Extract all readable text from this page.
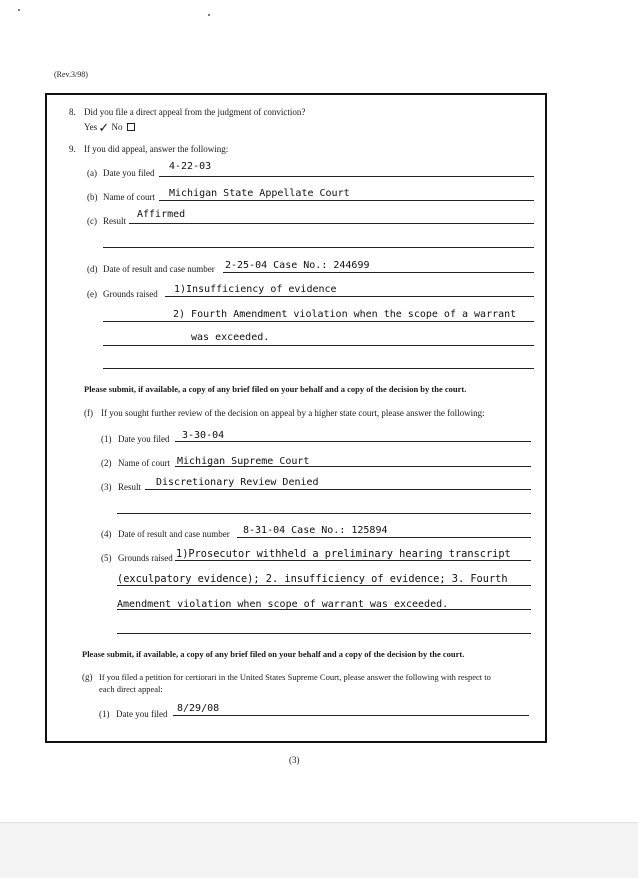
(Rev.3/98)
8. Did you file a direct appeal from the judgment of conviction?
Yes ✓ No
9. If you did appeal, answer the following:
(a) Date you filed
4-22-03
(b) Name of court Michigan State Appellate Court
(c) Result
Affirmed
(d) Date of result and case number 2-25-04 Case No.: 244699
(e) Grounds raised 1)Insufficiency of evidence
2) Fourth Amendment violation when the scope of a warrant
was exceeded.
Please submit, if available, a copy of any brief filed on your behalf and a copy of the decision by the court.
(f) If you sought further review of the decision on appeal by a higher state court, please answer the following:
(1) Date you filed 3-30-04
(2) Name of court Michigan Supreme Court
(3) Result Discretionary Review Denied
(4) Date of result and case number 8-31-04 Case No.: 125894
(5) Grounds raised 1)Prosecutor withheld a preliminary hearing transcript
(exculpatory evidence); 2. insufficiency of evidence; 3. Fourth
Amendment violation when scope of warrant was exceeded.
Please submit, if available, a copy of any brief filed on your behalf and a copy of the decision by the court.
(g) If you filed a petition for certiorari in the United States Supreme Court, please answer the following with respect to
each direct appeal:
(1) Date you filed 8/29/08
(3)
